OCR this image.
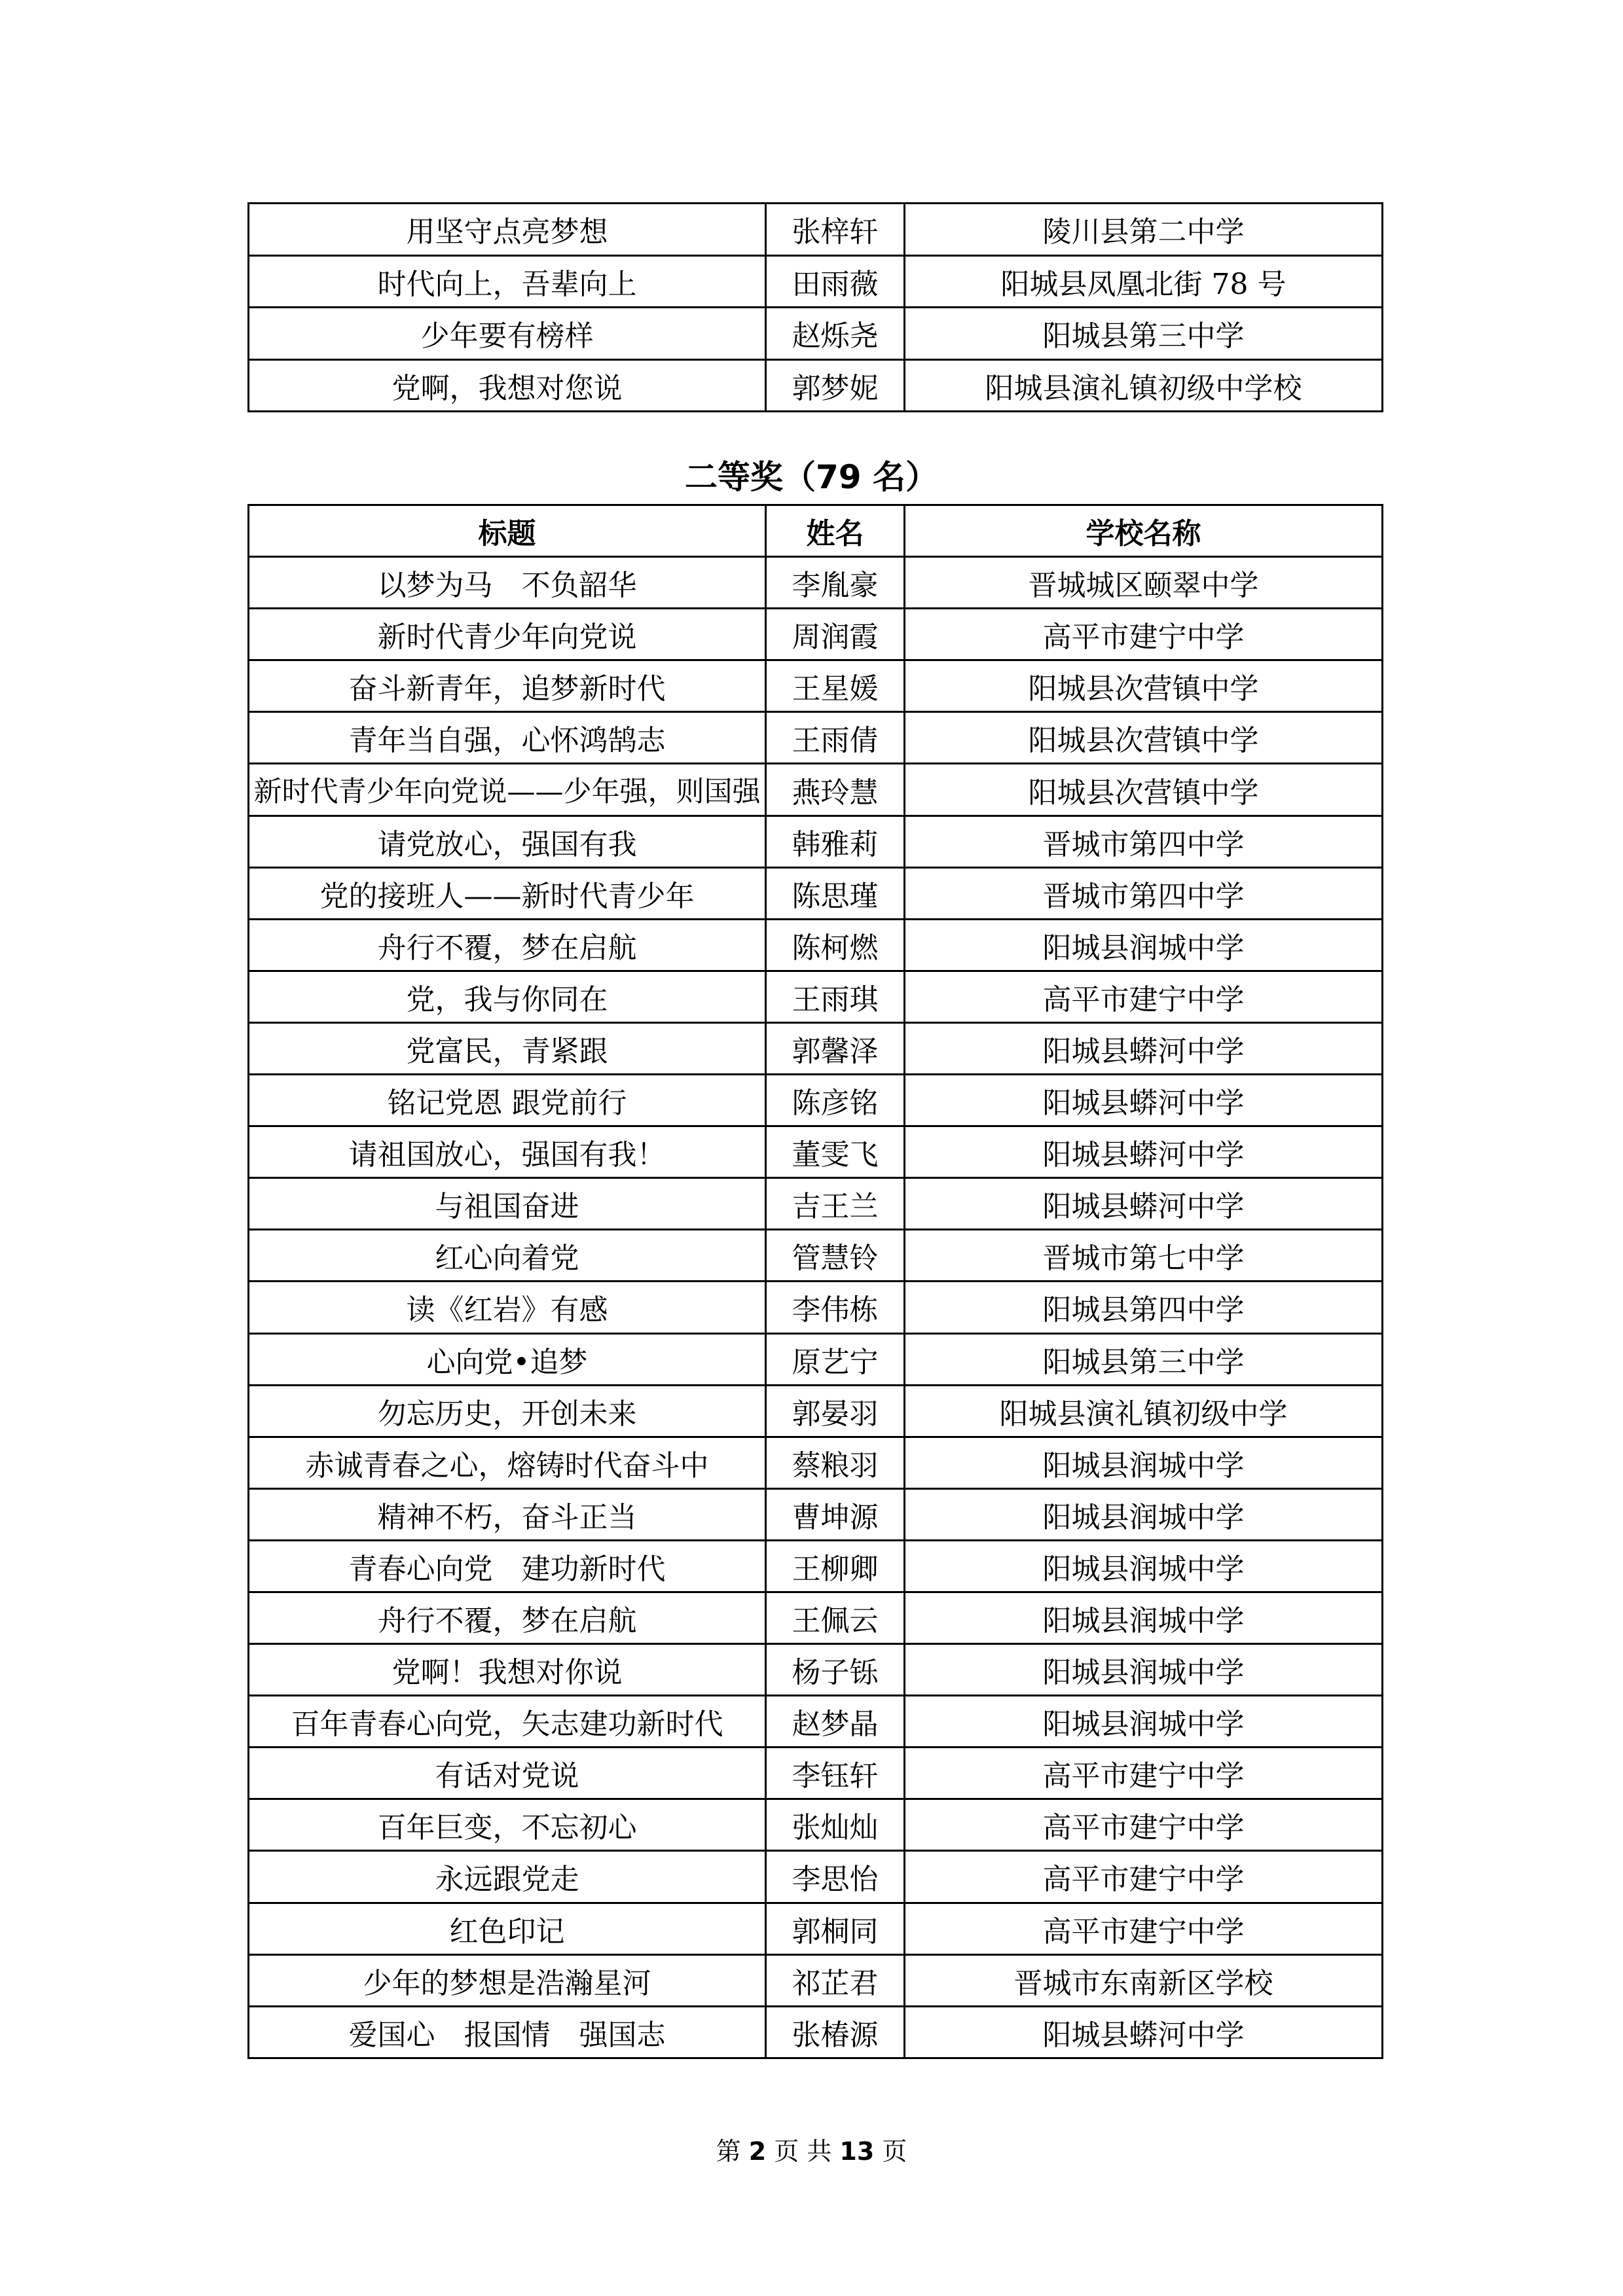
用坚守点亮梦想	张梓轩	陵川县第二中学
时代向上，吾辈向上	田雨薇	阳城县凤凰北街 78 号
少年要有榜样	赵烁尧	阳城县第三中学
党啊，我想对您说	郭梦妮	阳城县演礼镇初级中学校
二等奖（79 名）
标题	姓名	学校名称
以梦为马　不负韶华	李胤豪	晋城城区颐翠中学
新时代青少年向党说	周润霞	高平市建宁中学
奋斗新青年，追梦新时代	王星媛	阳城县次营镇中学
青年当自强，心怀鸿鹄志	王雨倩	阳城县次营镇中学
新时代青少年向党说——少年强，则国强	燕玲慧	阳城县次营镇中学
请党放心，强国有我	韩雅莉	晋城市第四中学
党的接班人——新时代青少年	陈思瑾	晋城市第四中学
舟行不覆，梦在启航	陈柯燃	阳城县润城中学
党，我与你同在	王雨琪	高平市建宁中学
党富民，青紧跟	郭馨泽	阳城县蟒河中学
铭记党恩 跟党前行	陈彦铭	阳城县蟒河中学
请祖国放心，强国有我！	董雯飞	阳城县蟒河中学
与祖国奋进	吉王兰	阳城县蟒河中学
红心向着党	管慧铃	晋城市第七中学
读《红岩》有感	李伟栋	阳城县第四中学
心向党•追梦	原艺宁	阳城县第三中学
勿忘历史，开创未来	郭晏羽	阳城县演礼镇初级中学
赤诚青春之心，熔铸时代奋斗中	蔡粮羽	阳城县润城中学
精神不朽，奋斗正当	曹坤源	阳城县润城中学
青春心向党　建功新时代	王柳卿	阳城县润城中学
舟行不覆，梦在启航	王佩云	阳城县润城中学
党啊！我想对你说	杨子铄	阳城县润城中学
百年青春心向党，矢志建功新时代	赵梦晶	阳城县润城中学
有话对党说	李钰轩	高平市建宁中学
百年巨变，不忘初心	张灿灿	高平市建宁中学
永远跟党走	李思怡	高平市建宁中学
红色印记	郭桐同	高平市建宁中学
少年的梦想是浩瀚星河	祁芷君	晋城市东南新区学校
爱国心　报国情　强国志	张椿源	阳城县蟒河中学
第 2 页 共 13 页
